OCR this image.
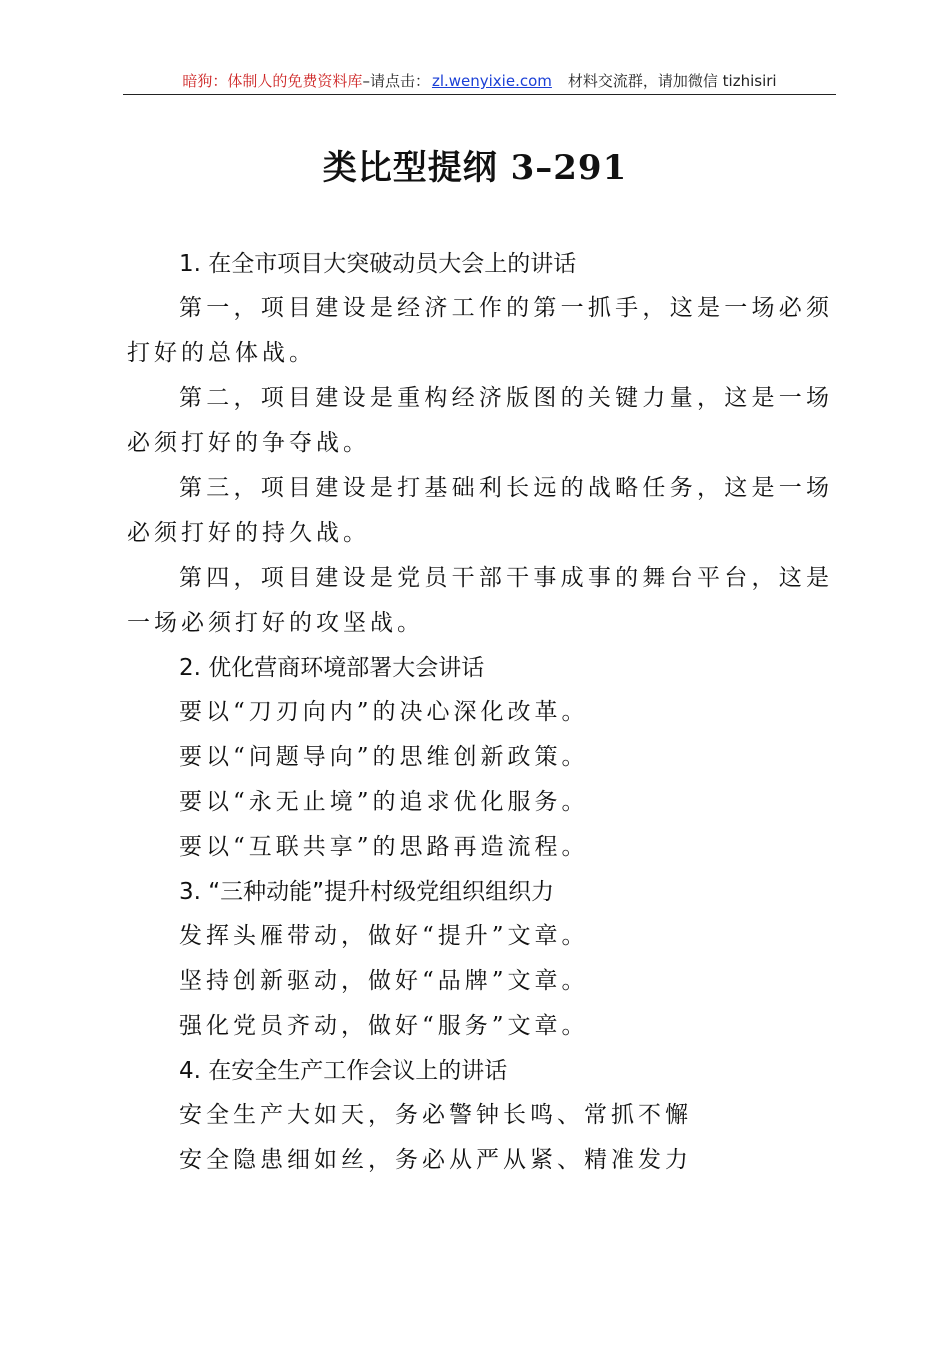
暗狗：体制人的免费资料库–请点击： zl.wenyixie.com 材料交流群，请加微信 tizhisiri
类比型提纲 3–291
1. 在全市项目大突破动员大会上的讲话
第一，项目建设是经济工作的第一抓手，这是一场必须打好的总体战。
第二，项目建设是重构经济版图的关键力量，这是一场必须打好的争夺战。
第三，项目建设是打基础利长远的战略任务，这是一场必须打好的持久战。
第四，项目建设是党员干部干事成事的舞台平台，这是一场必须打好的攻坚战。
2. 优化营商环境部署大会讲话
要以“刀刃向内”的决心深化改革。
要以“问题导向”的思维创新政策。
要以“永无止境”的追求优化服务。
要以“互联共享”的思路再造流程。
3. “三种动能”提升村级党组织组织力
发挥头雁带动，做好“提升”文章。
坚持创新驱动，做好“品牌”文章。
强化党员齐动，做好“服务”文章。
4. 在安全生产工作会议上的讲话
安全生产大如天，务必警钟长鸣、常抓不懈
安全隐患细如丝，务必从严从紧、精准发力
